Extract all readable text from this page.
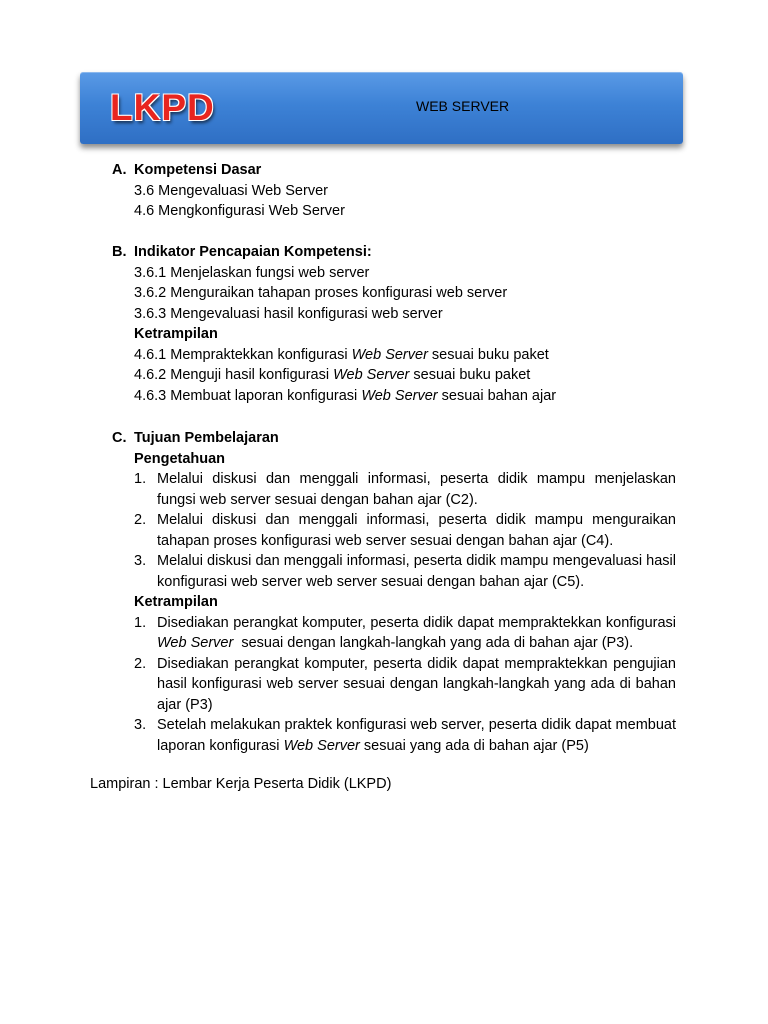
LKPD	WEB SERVER
A. Kompetensi Dasar
3.6 Mengevaluasi Web Server
4.6 Mengkonfigurasi Web Server
B. Indikator Pencapaian Kompetensi:
3.6.1 Menjelaskan fungsi web server
3.6.2 Menguraikan tahapan proses konfigurasi web server
3.6.3 Mengevaluasi hasil konfigurasi web server
Ketrampilan
4.6.1 Mempraktekkan konfigurasi Web Server sesuai buku paket
4.6.2 Menguji hasil konfigurasi Web Server sesuai buku paket
4.6.3 Membuat laporan konfigurasi Web Server sesuai bahan ajar
C. Tujuan Pembelajaran
Pengetahuan
1. Melalui diskusi dan menggali informasi, peserta didik mampu menjelaskan fungsi web server sesuai dengan bahan ajar (C2).
2. Melalui diskusi dan menggali informasi, peserta didik mampu menguraikan tahapan proses konfigurasi web server sesuai dengan bahan ajar (C4).
3. Melalui diskusi dan menggali informasi, peserta didik mampu mengevaluasi hasil konfigurasi web server web server sesuai dengan bahan ajar (C5).
Ketrampilan
1. Disediakan perangkat komputer, peserta didik dapat mempraktekkan konfigurasi Web Server  sesuai dengan langkah-langkah yang ada di bahan ajar (P3).
2. Disediakan perangkat komputer, peserta didik dapat mempraktekkan pengujian hasil konfigurasi web server sesuai dengan langkah-langkah yang ada di bahan ajar (P3)
3. Setelah melakukan praktek konfigurasi web server, peserta didik dapat membuat laporan konfigurasi Web Server sesuai yang ada di bahan ajar (P5)
Lampiran : Lembar Kerja Peserta Didik (LKPD)
